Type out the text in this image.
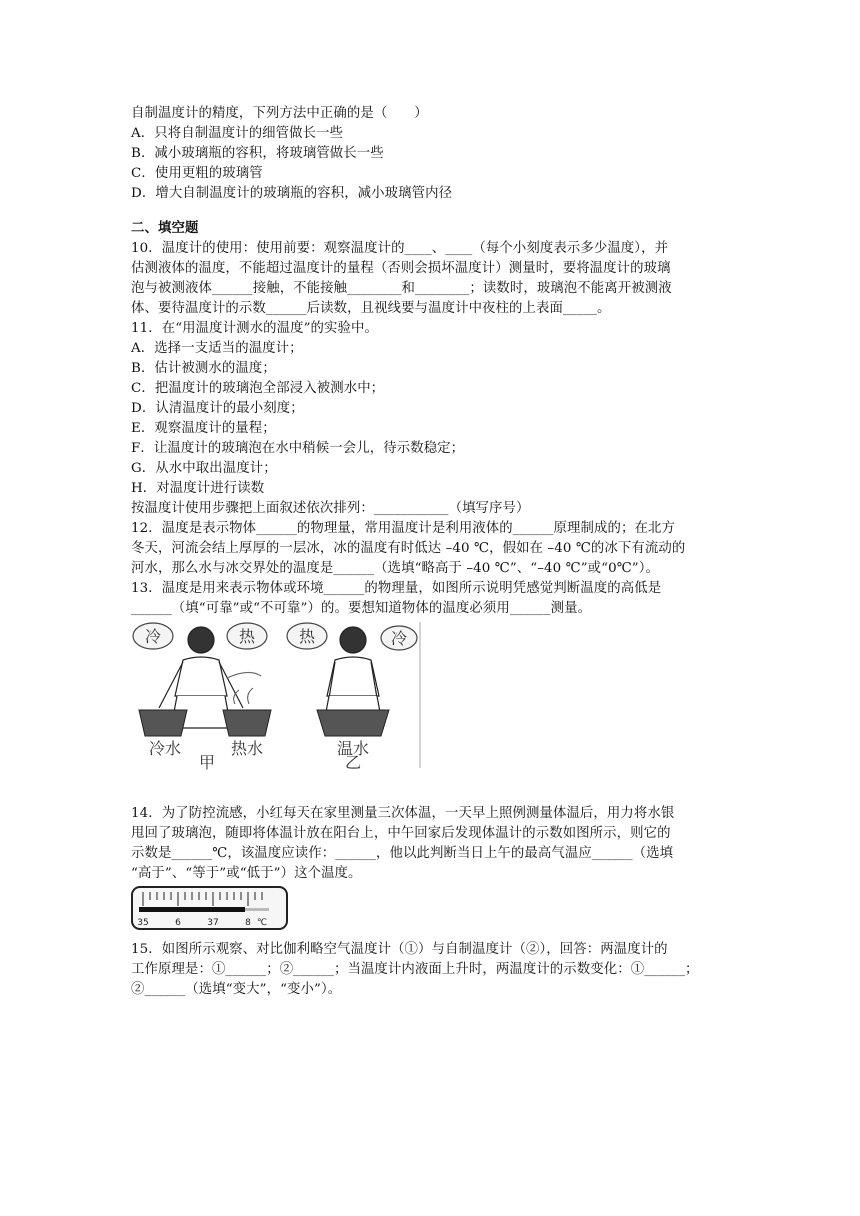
自制温度计的精度，下列方法中正确的是（　　）
A．只将自制温度计的细管做长一些
B．减小玻璃瓶的容积，将玻璃管做长一些
C．使用更粗的玻璃管
D．增大自制温度计的玻璃瓶的容积，减小玻璃管内径
二、填空题
10．温度计的使用：使用前要：观察温度计的____、____（每个小刻度表示多少温度），并
估测液体的温度，不能超过温度计的量程（否则会损坏温度计）测量时，要将温度计的玻璃
泡与被测液体______接触，不能接触________和________；读数时，玻璃泡不能离开被测液
体、要待温度计的示数______后读数，且视线要与温度计中夜柱的上表面_____。
11．在“用温度计测水的温度”的实验中。
A．选择一支适当的温度计；
B．估计被测水的温度；
C．把温度计的玻璃泡全部浸入被测水中；
D．认清温度计的最小刻度；
E．观察温度计的量程；
F．让温度计的玻璃泡在水中稍候一会儿，待示数稳定；
G．从水中取出温度计；
H．对温度计进行读数
按温度计使用步骤把上面叙述依次排列：___________（填写序号）
12．温度是表示物体______的物理量，常用温度计是利用液体的______原理制成的；在北方
冬天，河流会结上厚厚的一层冰，冰的温度有时低达 –40 ℃，假如在 –40 ℃的冰下有流动的
河水，那么水与冰交界处的温度是______（选填“略高于 –40 ℃”、“–40 ℃”或“0℃”）。
13．温度是用来表示物体或环境______的物理量，如图所示说明凭感觉判断温度的高低是
______（填“可靠”或“不可靠”）的。要想知道物体的温度必须用______测量。
冷	热	热	冷
冷水	热水	温水
甲	乙
14．为了防控流感，小红每天在家里测量三次体温，一天早上照例测量体温后，用力将水银
甩回了玻璃泡，随即将体温计放在阳台上，中午回家后发现体温计的示数如图所示，则它的
示数是______℃，该温度应读作：______，他以此判断当日上午的最高气温应______（选填
“高于”、“等于”或“低于”）这个温度。
35	6	37	8 ℃
15．如图所示观察、对比伽利略空气温度计（①）与自制温度计（②），回答：两温度计的
工作原理是：①______；②______；当温度计内液面上升时，两温度计的示数变化：①______；
②______（选填“变大”，“变小”）。
